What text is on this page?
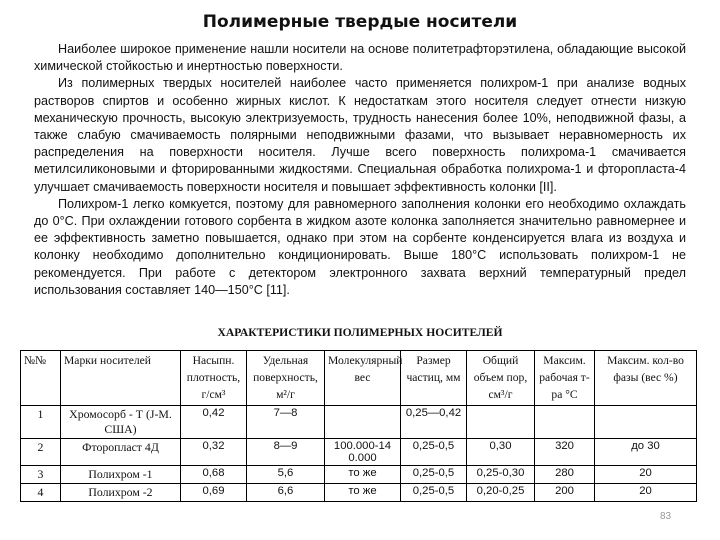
Полимерные твердые носители

Наиболее широкое применение нашли носители на основе политетрафторэтилена, обладающие высокой химической стойкостью и инертностью поверхности.

Из полимерных твердых носителей наиболее часто применяется полихром-1 при анализе водных растворов спиртов и особенно жирных кислот. К недостаткам этого носителя следует отнести низкую механическую прочность, высокую электризуемость, трудность нанесения более 10%, неподвижной фазы, а также слабую смачиваемость полярными неподвижными фазами, что вызывает неравномерность их распределения на поверхности носителя. Лучше всего поверхность полихрома-1 смачивается метилсиликоновыми и фторированными жидкостями. Специальная обработка полихрома-1 и фторопласта-4 улучшает смачиваемость поверхности носителя и повышает эффективность колонки [II].

Полихром-1 легко комкуется, поэтому для равномерного заполнения колонки его необходимо охлаждать до 0°С. При охлаждении готового сорбента в жидком азоте колонка заполняется значительно равномернее и ее эффективность заметно повышается, однако при этом на сорбенте конденсируется влага из воздуха и колонку необходимо дополнительно кондиционировать. Выше 180°С использовать полихром-1 не рекомендуется. При работе с детектором электронного захвата верхний температурный предел использования составляет 140—150°С [11].

ХАРАКТЕРИСТИКИ ПОЛИМЕРНЫХ НОСИТЕЛЕЙ
№№	Марки носителей	Насыпн. плотность, г/см³	Удельная поверхность, м²/г	Молекулярный вес	Размер частиц, мм	Общий объем пор, см³/г	Максим. рабочая т-ра °С	Максим. кол-во фазы (вес %)
1	Хромосорб - Т (J-M. США)	0,42	7—8		0,25—0,42			
2	Фторопласт 4Д	0,32	8—9	100.000-14 0.000	0,25-0,5	0,30	320	до 30
3	Полихром -1	0,68	5,6	то же	0,25-0,5	0,25-0,30	280	20
4	Полихром -2	0,69	6,6	то же	0,25-0,5	0,20-0,25	200	20
83
